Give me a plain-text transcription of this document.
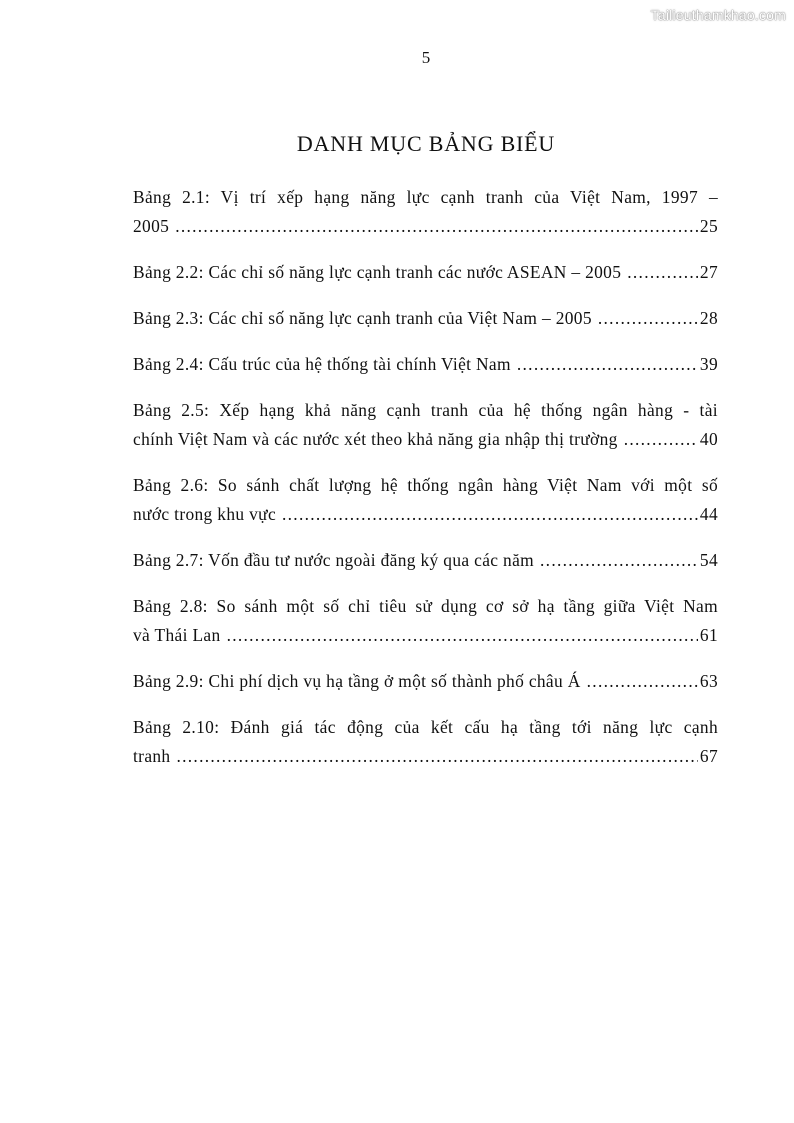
Tailieuthamkhao.com
5
DANH MỤC BẢNG BIỂU
Bảng 2.1: Vị trí xếp hạng năng lực cạnh tranh của Việt Nam, 1997 –
2005 .....	25
Bảng 2.2: Các chỉ số năng lực cạnh tranh các nước ASEAN – 2005 .....	27
Bảng 2.3: Các chỉ số năng lực cạnh tranh của Việt Nam – 2005 .....	28
Bảng 2.4: Cấu trúc của hệ thống tài chính Việt Nam .....	39
Bảng 2.5: Xếp hạng khả năng cạnh tranh của hệ thống ngân hàng - tài
chính Việt Nam và các nước xét theo khả năng gia nhập thị trường .....	40
Bảng 2.6: So sánh chất lượng hệ thống ngân hàng Việt Nam với một số
nước trong khu vực .....	44
Bảng 2.7: Vốn đầu tư nước ngoài đăng ký qua các năm .....	54
Bảng 2.8: So sánh một số chỉ tiêu sử dụng cơ sở hạ tầng giữa Việt Nam
và Thái Lan .....	61
Bảng 2.9: Chi phí dịch vụ hạ tầng ở một số thành phố châu Á .....	63
Bảng 2.10: Đánh giá tác động của kết cấu hạ tầng tới năng lực cạnh
tranh .....	67
